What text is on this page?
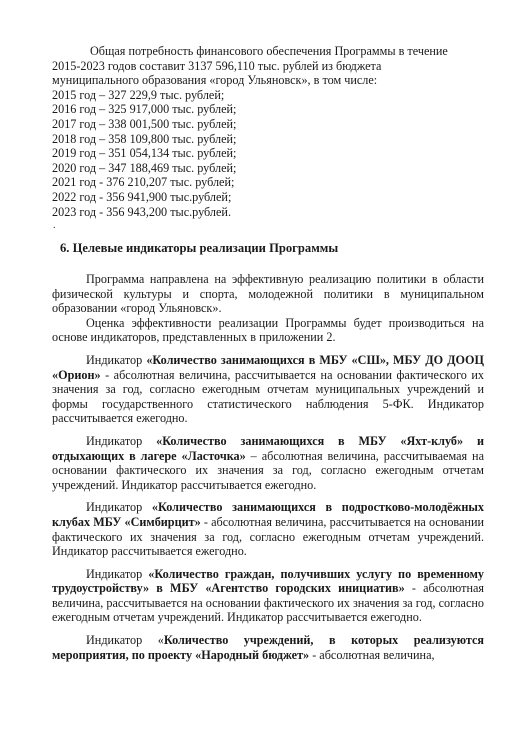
Общая потребность финансового обеспечения Программы в течение

2015-2023 годов составит 3137 596,110 тыс. рублей из бюджета

муниципального образования «город Ульяновск», в том числе:

2015 год – 327 229,9 тыс. рублей;

2016 год – 325 917,000 тыс. рублей;

2017 год – 338 001,500 тыс. рублей;

2018 год – 358 109,800 тыс. рублей;

2019 год – 351 054,134 тыс. рублей;

2020 год – 347 188,469 тыс. рублей;

2021 год - 376 210,207 тыс. рублей;

2022 год - 356 941,900 тыс.рублей;

2023 год - 356 943,200 тыс.рублей.

.
6. Целевые индикаторы реализации Программы

Программа направлена на эффективную реализацию политики в области физической культуры и спорта, молодежной политики в муниципальном образовании «город Ульяновск».

Оценка эффективности реализации Программы будет производиться на основе индикаторов, представленных в приложении 2.

Индикатор «Количество занимающихся в МБУ «СШ», МБУ ДО ДООЦ «Орион» - абсолютная величина, рассчитывается на основании фактического их значения за год, согласно ежегодным отчетам муниципальных учреждений и формы государственного статистического наблюдения 5-ФК. Индикатор рассчитывается ежегодно.

Индикатор «Количество занимающихся в МБУ «Яхт-клуб» и отдыхающих в лагере «Ласточка» – абсолютная величина, рассчитываемая на основании фактического их значения за год, согласно ежегодным отчетам учреждений. Индикатор рассчитывается ежегодно.

Индикатор «Количество занимающихся в подростково-молодёжных клубах МБУ «Симбирцит» - абсолютная величина, рассчитывается на основании фактического их значения за год, согласно ежегодным отчетам учреждений. Индикатор рассчитывается ежегодно.

Индикатор «Количество граждан, получивших услугу по временному трудоустройству» в МБУ «Агентство городских инициатив» - абсолютная величина, рассчитывается на основании фактического их значения за год, согласно ежегодным отчетам учреждений. Индикатор рассчитывается ежегодно.

Индикатор «Количество учреждений, в которых реализуются мероприятия, по проекту «Народный бюджет» - абсолютная величина,
